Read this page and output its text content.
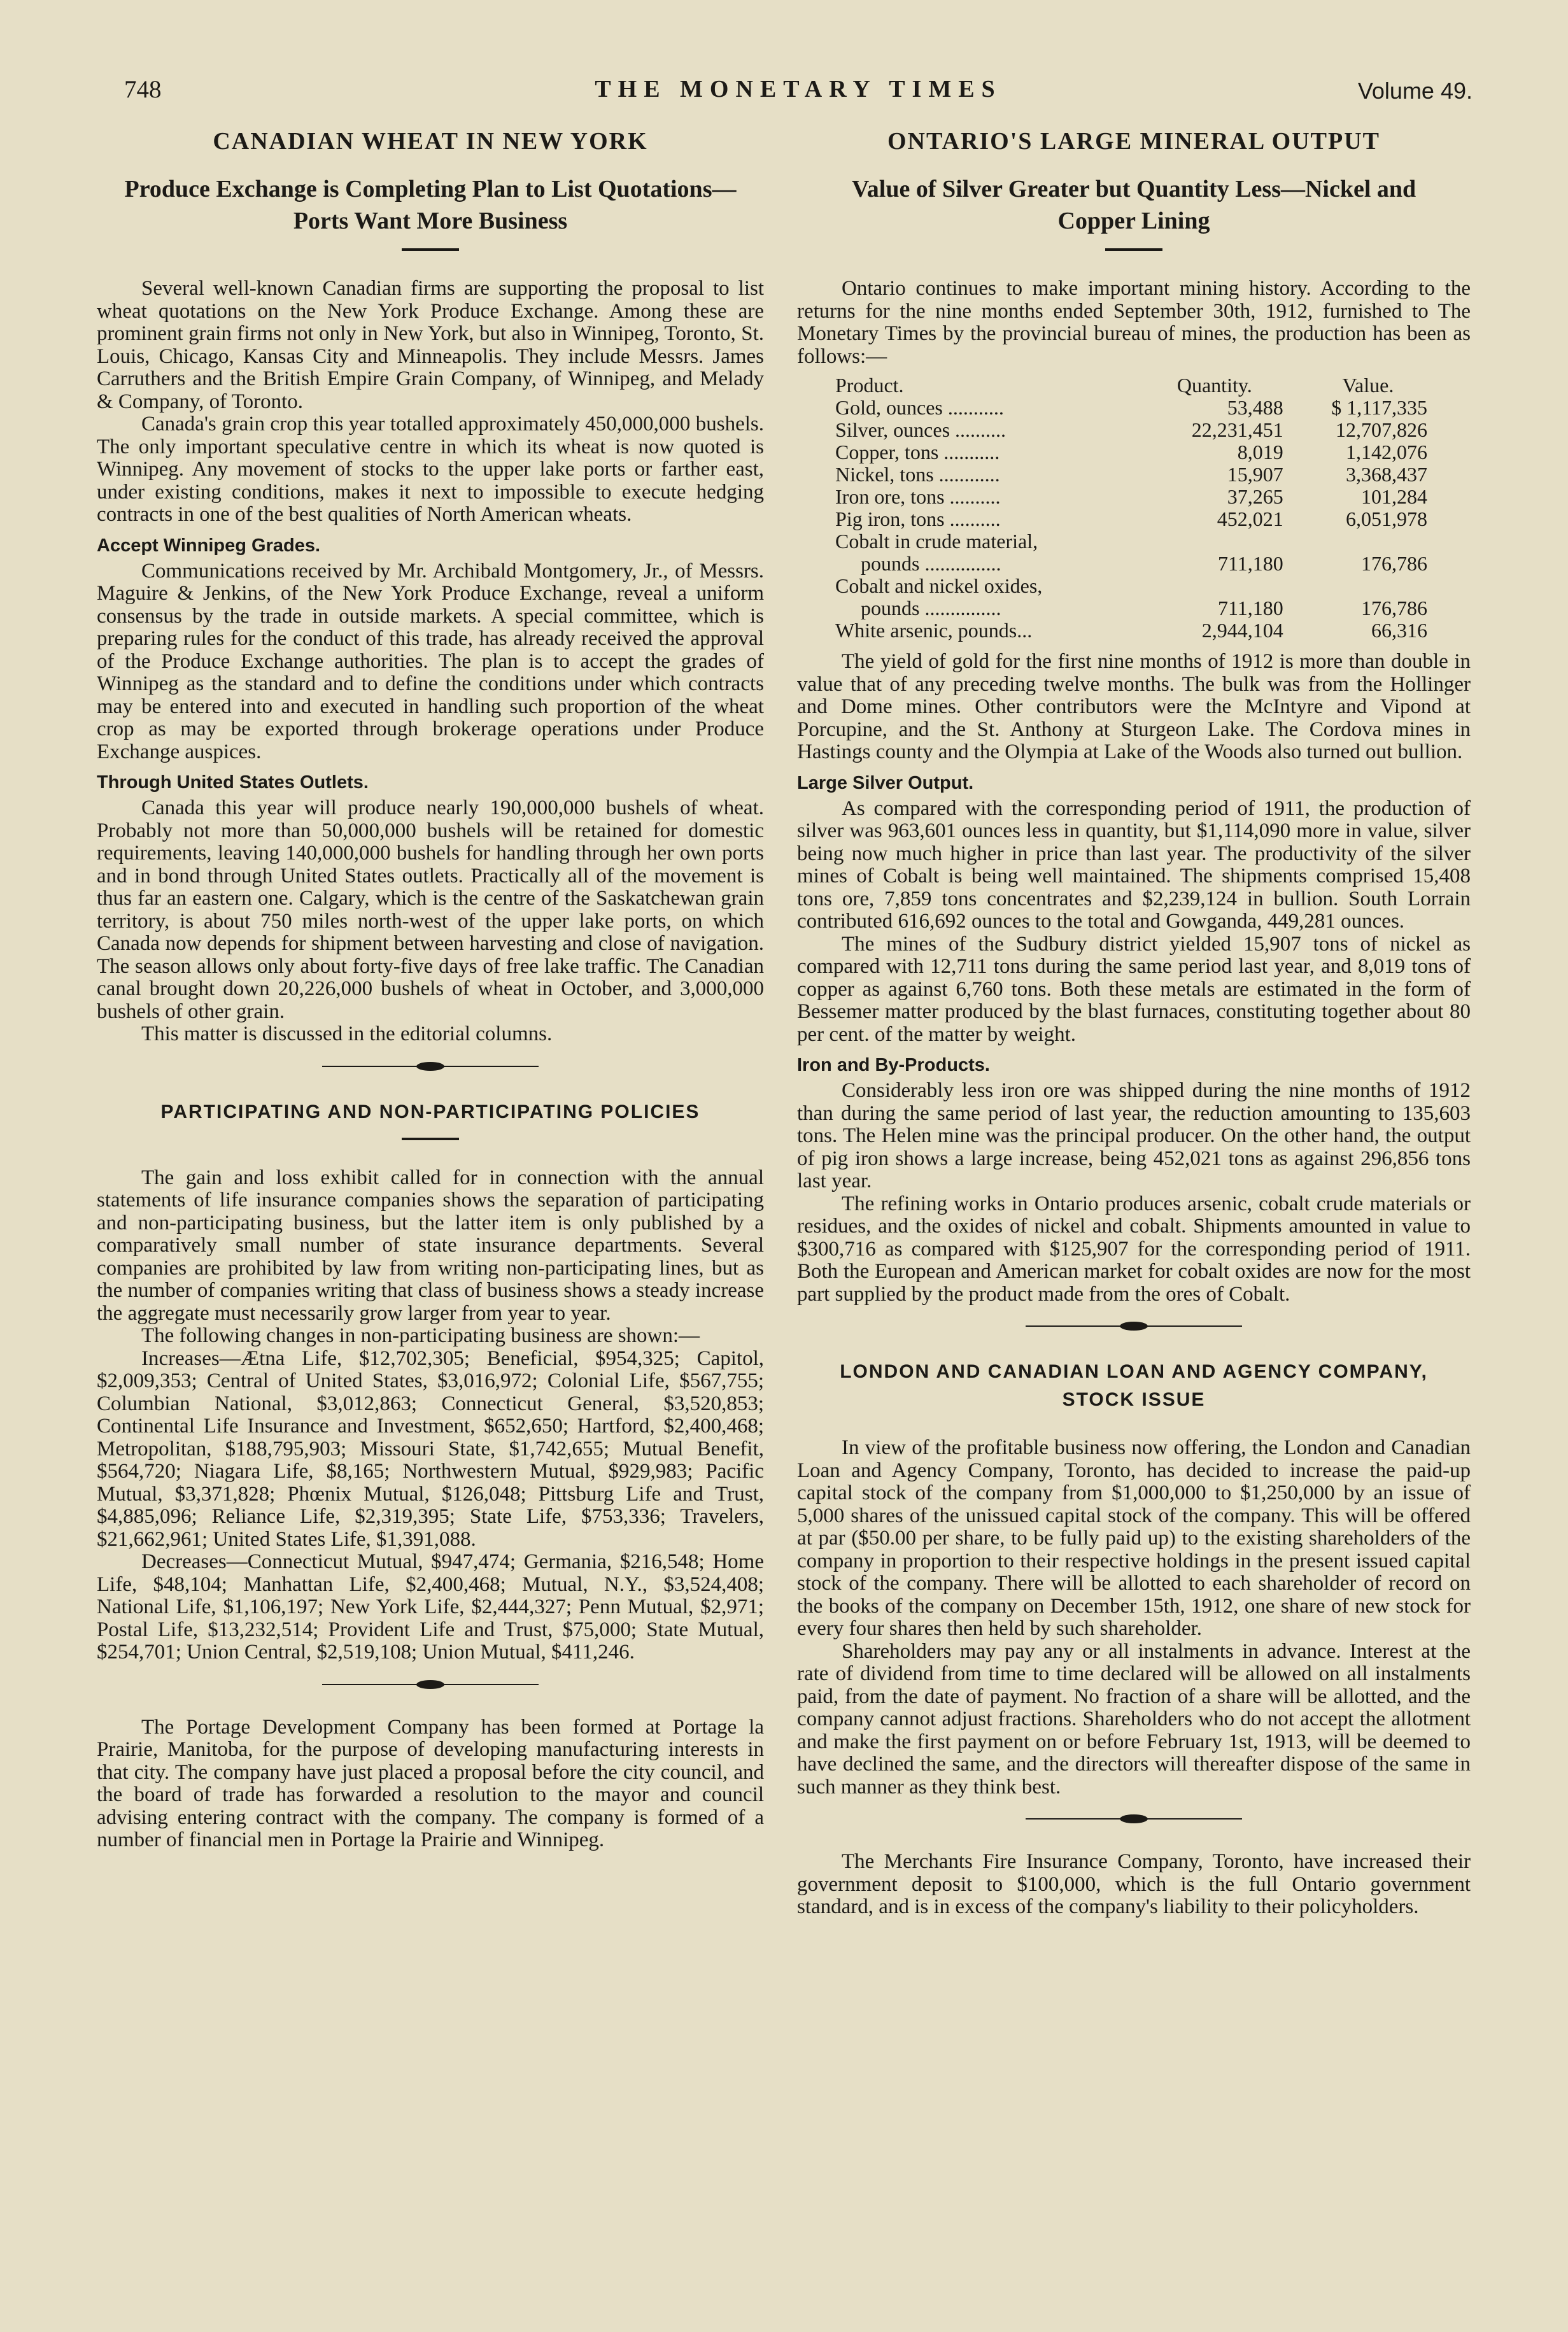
748	THE MONETARY TIMES	Volume 49.
CANADIAN WHEAT IN NEW YORK
Produce Exchange is Completing Plan to List Quotations—Ports Want More Business

Several well-known Canadian firms are supporting the proposal to list wheat quotations on the New York Produce Exchange. Among these are prominent grain firms not only in New York, but also in Winnipeg, Toronto, St. Louis, Chicago, Kansas City and Minneapolis. They include Messrs. James Carruthers and the British Empire Grain Company, of Winnipeg, and Melady & Company, of Toronto.

Canada's grain crop this year totalled approximately 450,000,000 bushels. The only important speculative centre in which its wheat is now quoted is Winnipeg. Any movement of stocks to the upper lake ports or farther east, under existing conditions, makes it next to impossible to execute hedging contracts in one of the best qualities of North American wheats.

Accept Winnipeg Grades.

Communications received by Mr. Archibald Montgomery, Jr., of Messrs. Maguire & Jenkins, of the New York Produce Exchange, reveal a uniform consensus by the trade in outside markets. A special committee, which is preparing rules for the conduct of this trade, has already received the approval of the Produce Exchange authorities. The plan is to accept the grades of Winnipeg as the standard and to define the conditions under which contracts may be entered into and executed in handling such proportion of the wheat crop as may be exported through brokerage operations under Produce Exchange auspices.

Through United States Outlets.

Canada this year will produce nearly 190,000,000 bushels of wheat. Probably not more than 50,000,000 bushels will be retained for domestic requirements, leaving 140,000,000 bushels for handling through her own ports and in bond through United States outlets. Practically all of the movement is thus far an eastern one. Calgary, which is the centre of the Saskatchewan grain territory, is about 750 miles north-west of the upper lake ports, on which Canada now depends for shipment between harvesting and close of navigation. The season allows only about forty-five days of free lake traffic. The Canadian canal brought down 20,226,000 bushels of wheat in October, and 3,000,000 bushels of other grain.

This matter is discussed in the editorial columns.

PARTICIPATING AND NON-PARTICIPATING POLICIES

The gain and loss exhibit called for in connection with the annual statements of life insurance companies shows the separation of participating and non-participating business, but the latter item is only published by a comparatively small number of state insurance departments. Several companies are prohibited by law from writing non-participating lines, but as the number of companies writing that class of business shows a steady increase the aggregate must necessarily grow larger from year to year.

The following changes in non-participating business are shown:—

Increases—Ætna Life, $12,702,305; Beneficial, $954,325; Capitol, $2,009,353; Central of United States, $3,016,972; Colonial Life, $567,755; Columbian National, $3,012,863; Connecticut General, $3,520,853; Continental Life Insurance and Investment, $652,650; Hartford, $2,400,468; Metropolitan, $188,795,903; Missouri State, $1,742,655; Mutual Benefit, $564,720; Niagara Life, $8,165; Northwestern Mutual, $929,983; Pacific Mutual, $3,371,828; Phœnix Mutual, $126,048; Pittsburg Life and Trust, $4,885,096; Reliance Life, $2,319,395; State Life, $753,336; Travelers, $21,662,961; United States Life, $1,391,088.

Decreases—Connecticut Mutual, $947,474; Germania, $216,548; Home Life, $48,104; Manhattan Life, $2,400,468; Mutual, N.Y., $3,524,408; National Life, $1,106,197; New York Life, $2,444,327; Penn Mutual, $2,971; Postal Life, $13,232,514; Provident Life and Trust, $75,000; State Mutual, $254,701; Union Central, $2,519,108; Union Mutual, $411,246.

The Portage Development Company has been formed at Portage la Prairie, Manitoba, for the purpose of developing manufacturing interests in that city. The company have just placed a proposal before the city council, and the board of trade has forwarded a resolution to the mayor and council advising entering contract with the company. The company is formed of a number of financial men in Portage la Prairie and Winnipeg.

ONTARIO'S LARGE MINERAL OUTPUT
Value of Silver Greater but Quantity Less—Nickel and Copper Lining

Ontario continues to make important mining history. According to the returns for the nine months ended September 30th, 1912, furnished to The Monetary Times by the provincial bureau of mines, the production has been as follows:—

Product.	Quantity.	Value.
Gold, ounces ...........	53,488	$ 1,117,335
Silver, ounces ..........	22,231,451	12,707,826
Copper, tons ...........	8,019	1,142,076
Nickel, tons ............	15,907	3,368,437
Iron ore, tons ..........	37,265	101,284
Pig iron, tons ..........	452,021	6,051,978
Cobalt in crude material,		
pounds ...............	711,180	176,786
Cobalt and nickel oxides,		
pounds ...............	711,180	176,786
White arsenic, pounds...	2,944,104	66,316

The yield of gold for the first nine months of 1912 is more than double in value that of any preceding twelve months. The bulk was from the Hollinger and Dome mines. Other contributors were the McIntyre and Vipond at Porcupine, and the St. Anthony at Sturgeon Lake. The Cordova mines in Hastings county and the Olympia at Lake of the Woods also turned out bullion.

Large Silver Output.

As compared with the corresponding period of 1911, the production of silver was 963,601 ounces less in quantity, but $1,114,090 more in value, silver being now much higher in price than last year. The productivity of the silver mines of Cobalt is being well maintained. The shipments comprised 15,408 tons ore, 7,859 tons concentrates and $2,239,124 in bullion. South Lorrain contributed 616,692 ounces to the total and Gowganda, 449,281 ounces.

The mines of the Sudbury district yielded 15,907 tons of nickel as compared with 12,711 tons during the same period last year, and 8,019 tons of copper as against 6,760 tons. Both these metals are estimated in the form of Bessemer matter produced by the blast furnaces, constituting together about 80 per cent. of the matter by weight.

Iron and By-Products.

Considerably less iron ore was shipped during the nine months of 1912 than during the same period of last year, the reduction amounting to 135,603 tons. The Helen mine was the principal producer. On the other hand, the output of pig iron shows a large increase, being 452,021 tons as against 296,856 tons last year.

The refining works in Ontario produces arsenic, cobalt crude materials or residues, and the oxides of nickel and cobalt. Shipments amounted in value to $300,716 as compared with $125,907 for the corresponding period of 1911. Both the European and American market for cobalt oxides are now for the most part supplied by the product made from the ores of Cobalt.

LONDON AND CANADIAN LOAN AND AGENCY COMPANY, STOCK ISSUE

In view of the profitable business now offering, the London and Canadian Loan and Agency Company, Toronto, has decided to increase the paid-up capital stock of the company from $1,000,000 to $1,250,000 by an issue of 5,000 shares of the unissued capital stock of the company. This will be offered at par ($50.00 per share, to be fully paid up) to the existing shareholders of the company in proportion to their respective holdings in the present issued capital stock of the company. There will be allotted to each shareholder of record on the books of the company on December 15th, 1912, one share of new stock for every four shares then held by such shareholder.

Shareholders may pay any or all instalments in advance. Interest at the rate of dividend from time to time declared will be allowed on all instalments paid, from the date of payment. No fraction of a share will be allotted, and the company cannot adjust fractions. Shareholders who do not accept the allotment and make the first payment on or before February 1st, 1913, will be deemed to have declined the same, and the directors will thereafter dispose of the same in such manner as they think best.

The Merchants Fire Insurance Company, Toronto, have increased their government deposit to $100,000, which is the full Ontario government standard, and is in excess of the company's liability to their policyholders.
